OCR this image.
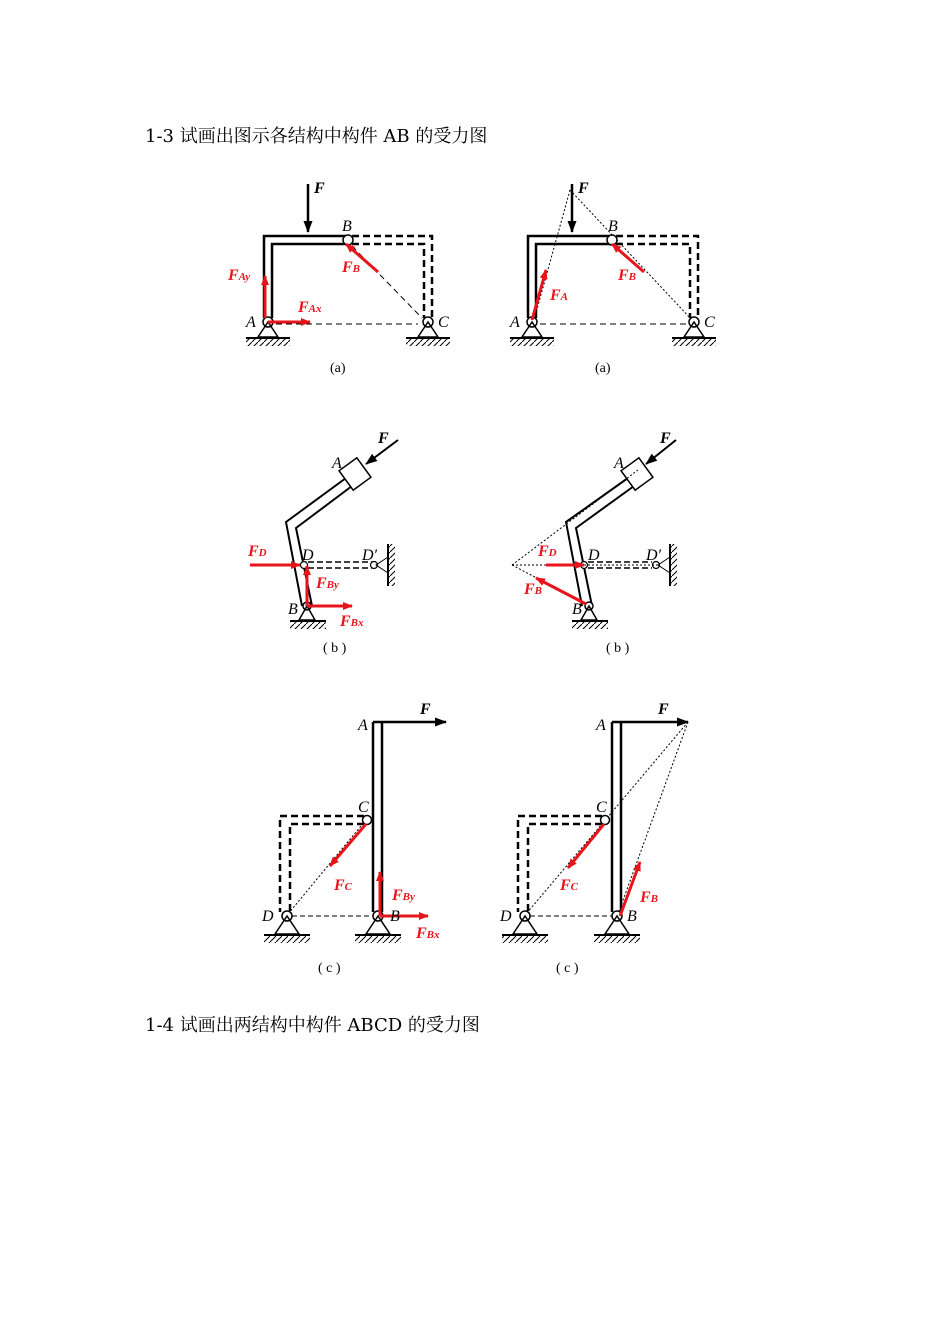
1-3 试画出图示各结构中构件 AB 的受力图
1-4 试画出两结构中构件 ABCD 的受力图
F
FAy
FAx
FB
B
A	C
(a)
F
FA
FB
B
A	C
(a)
F
FD
FBy
FBx
A
D	D′
B
( b )
F
FD
FB
A
D	D′
B
( b )
F
FC FBy
FBx
A
C
D	B
( c )
F
FC
FB
A
C
D	B
( c )
